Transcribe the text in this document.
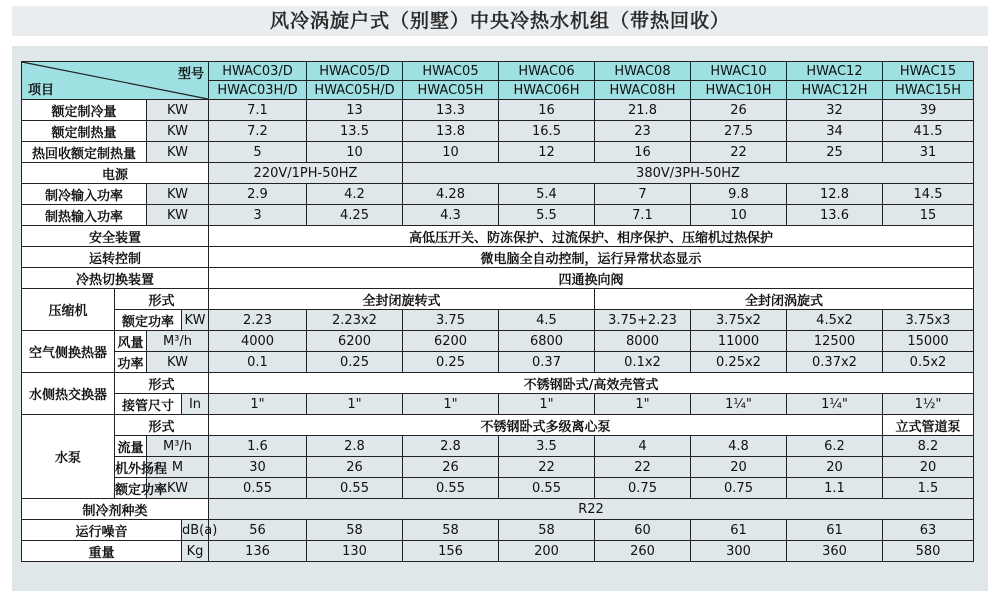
风冷涡旋户式（别墅）中央冷热水机组（带热回收）
型号
项目				HWAC03/D	HWAC05/D	HWAC05	HWAC06	HWAC08	HWAC10	HWAC12	HWAC15
				HWAC03H/D	HWAC05H/D	HWAC05H	HWAC06H	HWAC08H	HWAC10H	HWAC12H	HWAC15H
额定制冷量		KW		7.1	13	13.3	16	21.8	26	32	39
额定制热量		KW		7.2	13.5	13.8	16.5	23	27.5	34	41.5
热回收额定制热量		KW		5	10	10	12	16	22	25	31
电源				220V/1PH-50HZ		380V/3PH-50HZ					
制冷输入功率		KW		2.9	4.2	4.28	5.4	7	9.8	12.8	14.5
制热输入功率		KW		3	4.25	4.3	5.5	7.1	10	13.6	15
安全装置				高低压开关、防冻保护、过流保护、相序保护、压缩机过热保护							
运转控制				微电脑全自动控制，运行异常状态显示							
冷热切换装置				四通换向阀							
压缩机	形式			全封闭旋转式				全封闭涡旋式			
	额定功率		KW	2.23	2.23x2	3.75	4.5	3.75+2.23	3.75x2	4.5x2	3.75x3
空气侧换热器	风量	M³/h		4000	6200	6200	6800	8000	11000	12500	15000
	功率	KW		0.1	0.25	0.25	0.37	0.1x2	0.25x2	0.37x2	0.5x2
水侧热交换器	形式			不锈钢卧式/高效壳管式							
	接管尺寸		In	1"	1"	1"	1"	1"	1¼"	1¼"	1½"
水泵	形式			不锈钢卧式多级离心泵							立式管道泵
	流量	M³/h		1.6	2.8	2.8	3.5	4	4.8	6.2	8.2
	机外扬程	M		30	26	26	22	22	20	20	20
	额定功率	KW		0.55	0.55	0.55	0.55	0.75	0.75	1.1	1.5
制冷剂种类				R22							
运行噪音			dB(a)	56	58	58	58	60	61	61	63
重量			Kg	136	130	156	200	260	300	360	580
